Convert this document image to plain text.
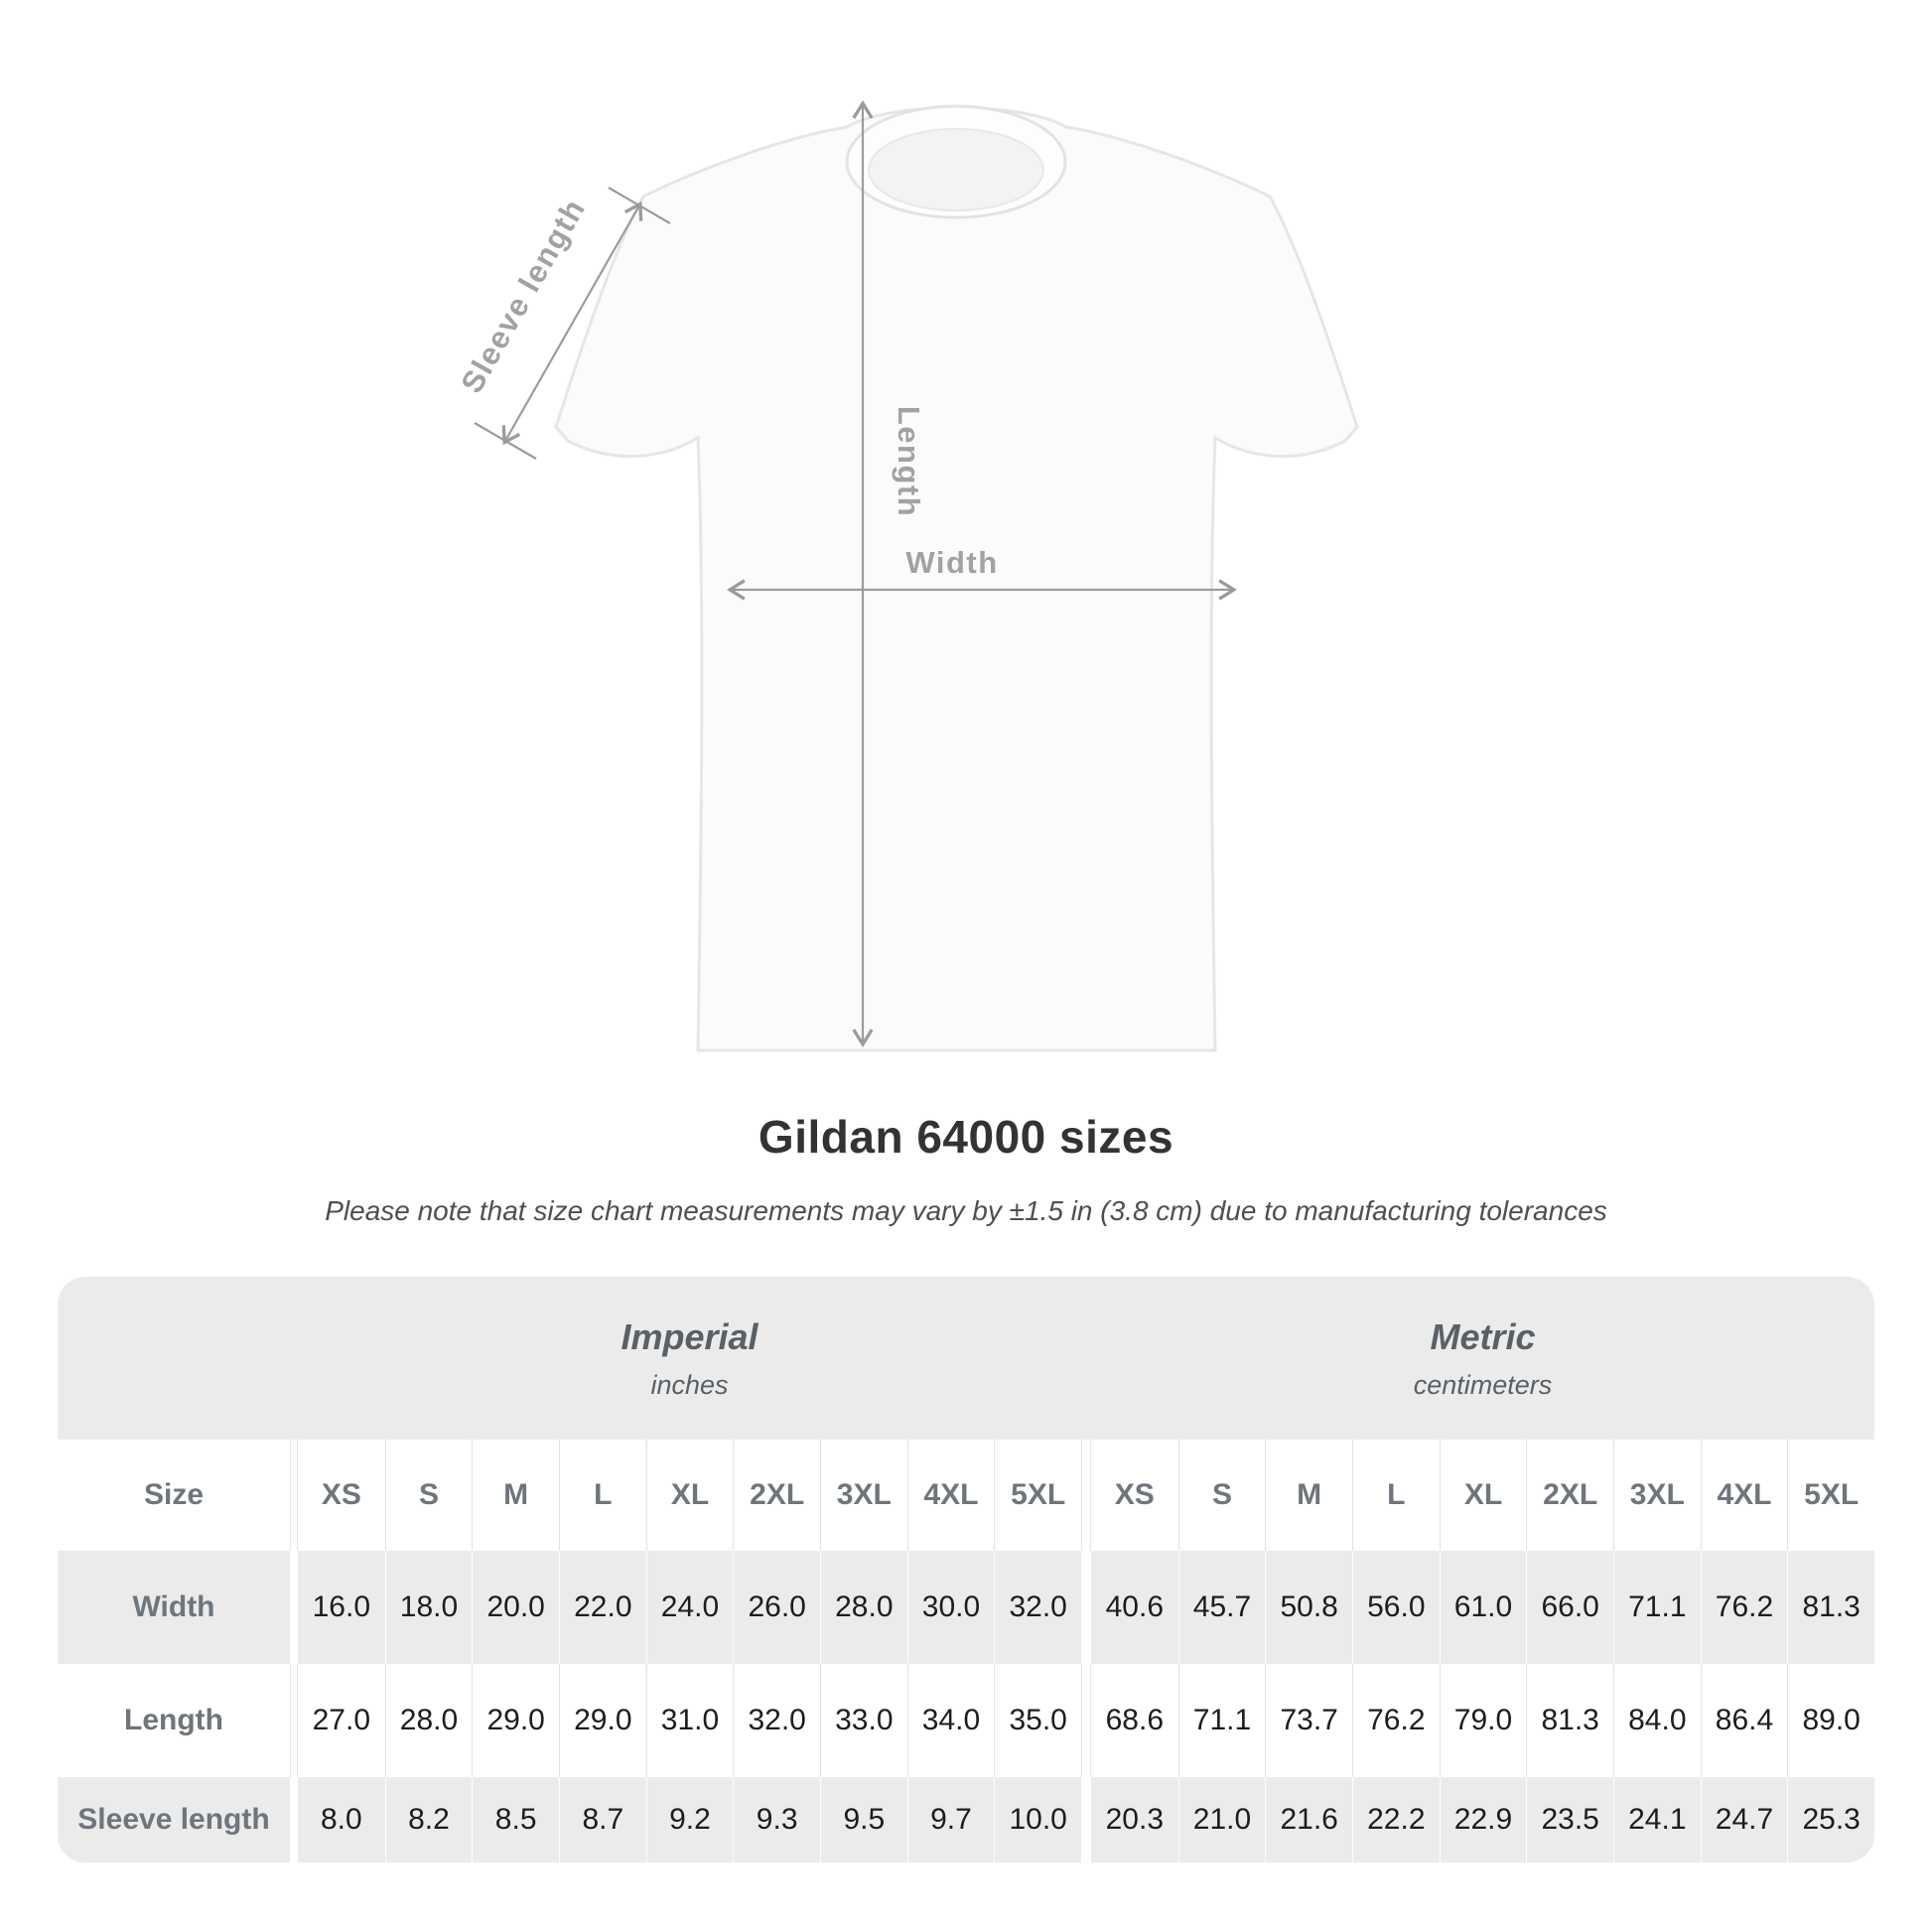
Length
Width
Sleeve length
Gildan 64000 sizes
Please note that size chart measurements may vary by ±1.5 in (3.8 cm) due to manufacturing tolerances
Imperial
inches
Metric
centimeters
Size	XS	S	M	L	XL	2XL	3XL	4XL	5XL	XS	S	M	L	XL	2XL	3XL	4XL	5XL
Width	16.0 18.0 20.0 22.0 24.0 26.0 28.0 30.0 32.0	40.6 45.7 50.8 56.0 61.0 66.0 71.1 76.2 81.3
Length	27.0 28.0 29.0 29.0 31.0 32.0 33.0 34.0 35.0	68.6 71.1 73.7 76.2 79.0 81.3 84.0 86.4 89.0
Sleeve length	8.0	8.2	8.5	8.7	9.2	9.3	9.5	9.7	10.0	20.3 21.0 21.6 22.2 22.9 23.5 24.1 24.7 25.3
